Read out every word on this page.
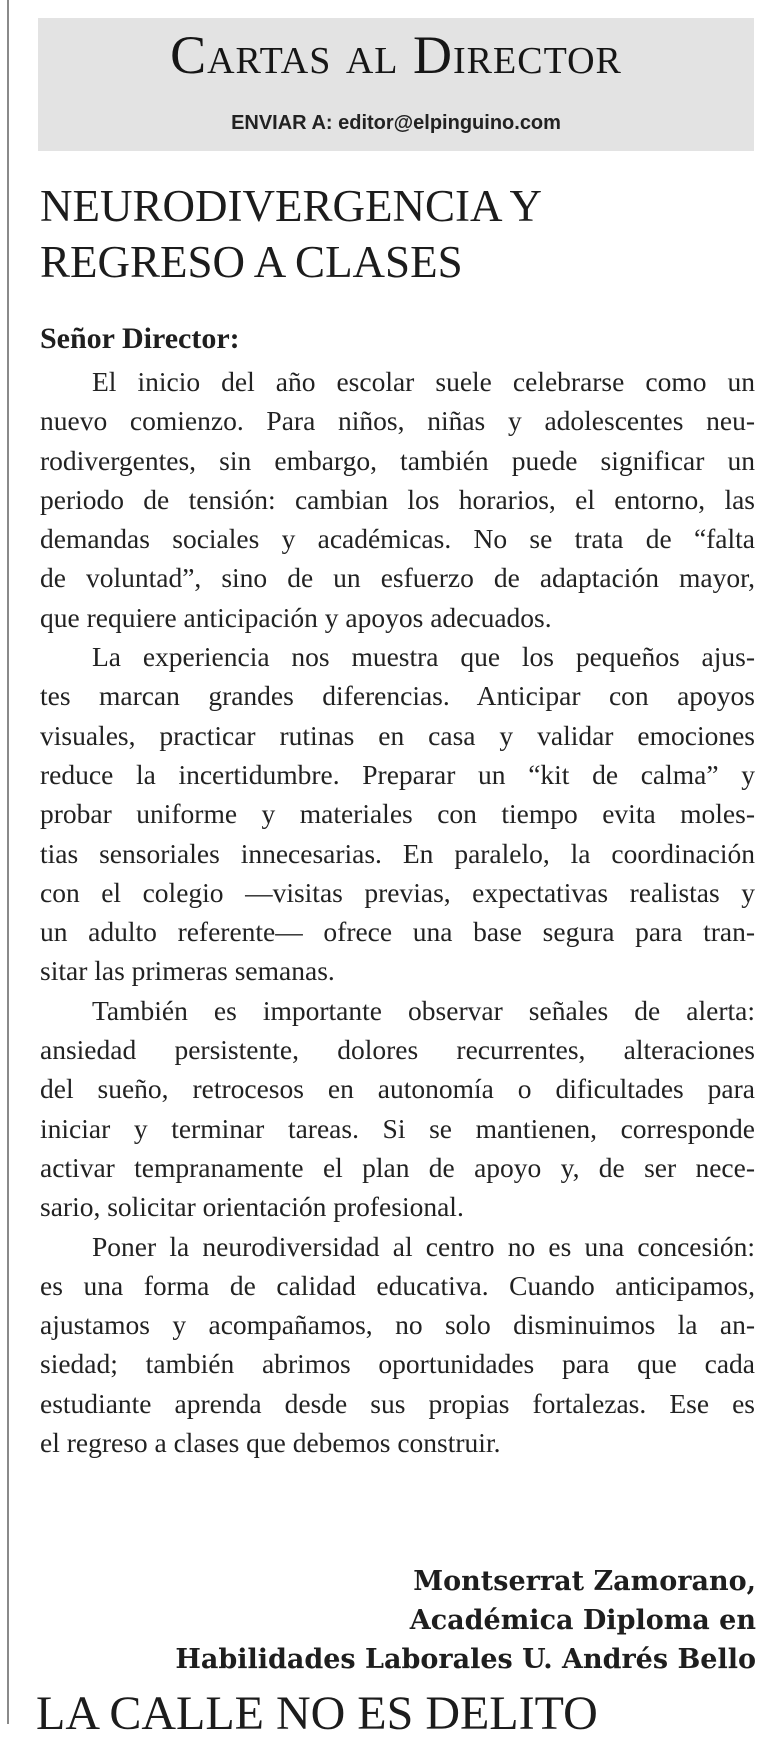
Cartas al Director
ENVIAR A: editor@elpinguino.com
NEURODIVERGENCIA Y
REGRESO A CLASES
Señor Director:
El inicio del año escolar suele celebrarse como un
nuevo comienzo. Para niños, niñas y adolescentes neu-
rodivergentes, sin embargo, también puede significar un
periodo de tensión: cambian los horarios, el entorno, las
demandas sociales y académicas. No se trata de “falta
de voluntad”, sino de un esfuerzo de adaptación mayor,
que requiere anticipación y apoyos adecuados.
La experiencia nos muestra que los pequeños ajus-
tes marcan grandes diferencias. Anticipar con apoyos
visuales, practicar rutinas en casa y validar emociones
reduce la incertidumbre. Preparar un “kit de calma” y
probar uniforme y materiales con tiempo evita moles-
tias sensoriales innecesarias. En paralelo, la coordinación
con el colegio —visitas previas, expectativas realistas y
un adulto referente— ofrece una base segura para tran-
sitar las primeras semanas.
También es importante observar señales de alerta:
ansiedad persistente, dolores recurrentes, alteraciones
del sueño, retrocesos en autonomía o dificultades para
iniciar y terminar tareas. Si se mantienen, corresponde
activar tempranamente el plan de apoyo y, de ser nece-
sario, solicitar orientación profesional.
Poner la neurodiversidad al centro no es una concesión:
es una forma de calidad educativa. Cuando anticipamos,
ajustamos y acompañamos, no solo disminuimos la an-
siedad; también abrimos oportunidades para que cada
estudiante aprenda desde sus propias fortalezas. Ese es
el regreso a clases que debemos construir.
Montserrat Zamorano,
Académica Diploma en
Habilidades Laborales U. Andrés Bello
LA CALLE NO ES DELITO
